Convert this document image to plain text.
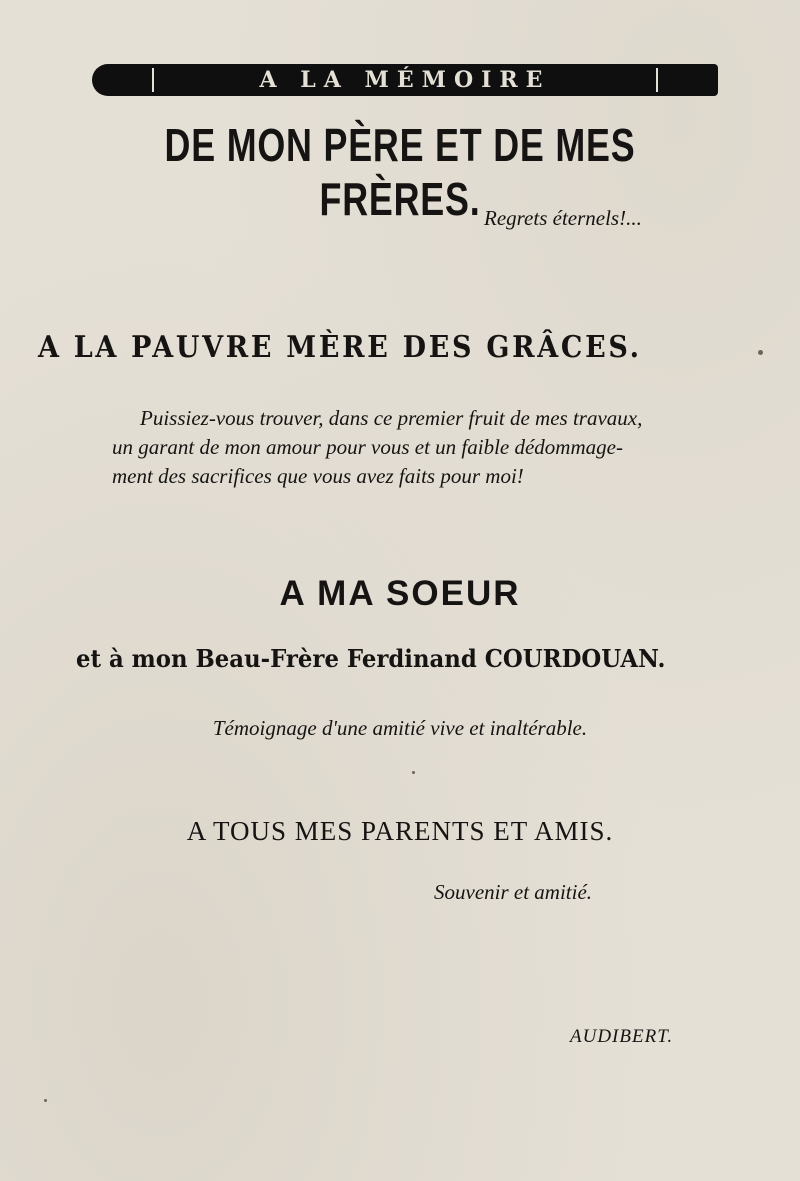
A LA MÉMOIRE
DE MON PÈRE ET DE MES FRÈRES. Regrets éternels!...
A LA PAUVRE MÈRE DES GRÂCES.
Puissiez-vous trouver, dans ce premier fruit de mes travaux,
un garant de mon amour pour vous et un faible dédommage-
ment des sacrifices que vous avez faits pour moi!
A MA SOEUR
et à mon Beau-Frère Ferdinand COURDOUAN.
Témoignage d'une amitié vive et inaltérable.
A TOUS MES PARENTS ET AMIS.
Souvenir et amitié.
AUDIBERT.
